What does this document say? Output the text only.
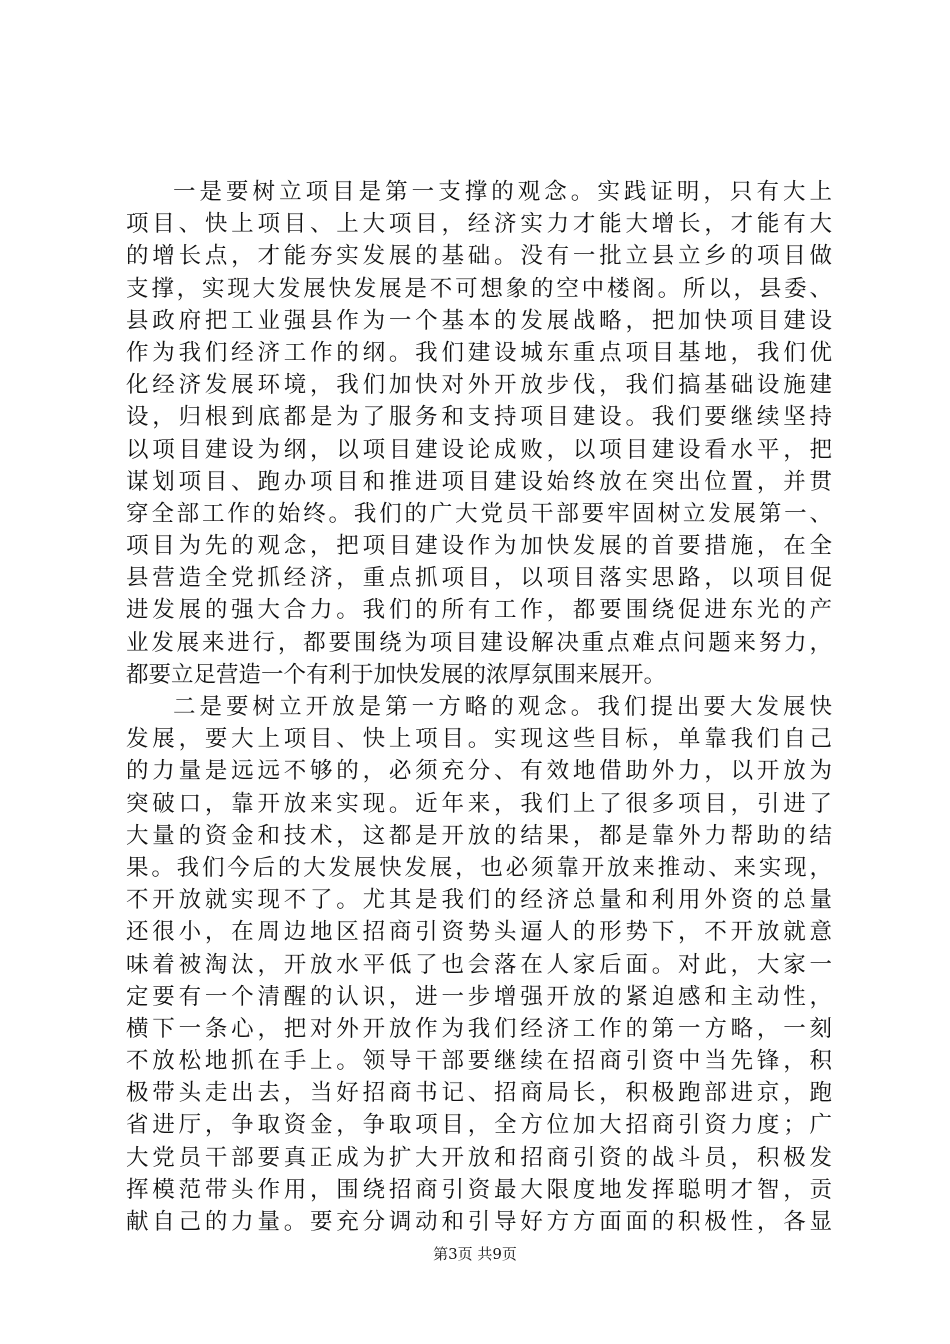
一是要树立项目是第一支撑的观念。实践证明，只有大上
项目、快上项目、上大项目，经济实力才能大增长，才能有大
的增长点，才能夯实发展的基础。没有一批立县立乡的项目做
支撑，实现大发展快发展是不可想象的空中楼阁。所以，县委、
县政府把工业强县作为一个基本的发展战略，把加快项目建设
作为我们经济工作的纲。我们建设城东重点项目基地，我们优
化经济发展环境，我们加快对外开放步伐，我们搞基础设施建
设，归根到底都是为了服务和支持项目建设。我们要继续坚持
以项目建设为纲，以项目建设论成败，以项目建设看水平，把
谋划项目、跑办项目和推进项目建设始终放在突出位置，并贯
穿全部工作的始终。我们的广大党员干部要牢固树立发展第一、
项目为先的观念，把项目建设作为加快发展的首要措施，在全
县营造全党抓经济，重点抓项目，以项目落实思路，以项目促
进发展的强大合力。我们的所有工作，都要围绕促进东光的产
业发展来进行，都要围绕为项目建设解决重点难点问题来努力，
都要立足营造一个有利于加快发展的浓厚氛围来展开。
二是要树立开放是第一方略的观念。我们提出要大发展快
发展，要大上项目、快上项目。实现这些目标，单靠我们自己
的力量是远远不够的，必须充分、有效地借助外力，以开放为
突破口，靠开放来实现。近年来，我们上了很多项目，引进了
大量的资金和技术，这都是开放的结果，都是靠外力帮助的结
果。我们今后的大发展快发展，也必须靠开放来推动、来实现，
不开放就实现不了。尤其是我们的经济总量和利用外资的总量
还很小，在周边地区招商引资势头逼人的形势下，不开放就意
味着被淘汰，开放水平低了也会落在人家后面。对此，大家一
定要有一个清醒的认识，进一步增强开放的紧迫感和主动性，
横下一条心，把对外开放作为我们经济工作的第一方略，一刻
不放松地抓在手上。领导干部要继续在招商引资中当先锋，积
极带头走出去，当好招商书记、招商局长，积极跑部进京，跑
省进厅，争取资金，争取项目，全方位加大招商引资力度；广
大党员干部要真正成为扩大开放和招商引资的战斗员，积极发
挥模范带头作用，围绕招商引资最大限度地发挥聪明才智，贡
献自己的力量。要充分调动和引导好方方面面的积极性，各显
第3页 共9页
